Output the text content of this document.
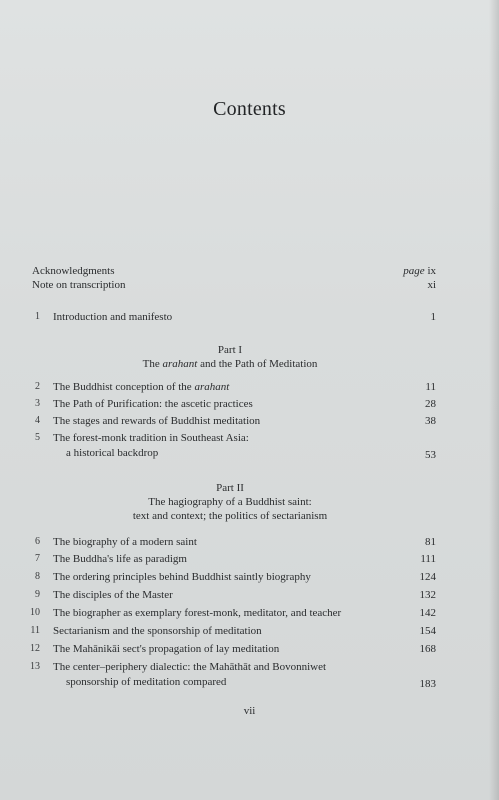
Contents
Acknowledgments	page ix
Note on transcription	xi
1 Introduction and manifesto	1
Part I
The arahant and the Path of Meditation
2 The Buddhist conception of the arahant	11
3 The Path of Purification: the ascetic practices	28
4 The stages and rewards of Buddhist meditation	38
5 The forest-monk tradition in Southeast Asia:
a historical backdrop	53
Part II
The hagiography of a Buddhist saint:
text and context; the politics of sectarianism
6 The biography of a modern saint	81
7 The Buddha's life as paradigm	111
8 The ordering principles behind Buddhist saintly biography	124
9 The disciples of the Master	132
10 The biographer as exemplary forest-monk, meditator, and teacher	142
11 Sectarianism and the sponsorship of meditation	154
12 The Mahānikāi sect's propagation of lay meditation	168
13 The center–periphery dialectic: the Mahāthāt and Bovonniwet
sponsorship of meditation compared	183
vii
